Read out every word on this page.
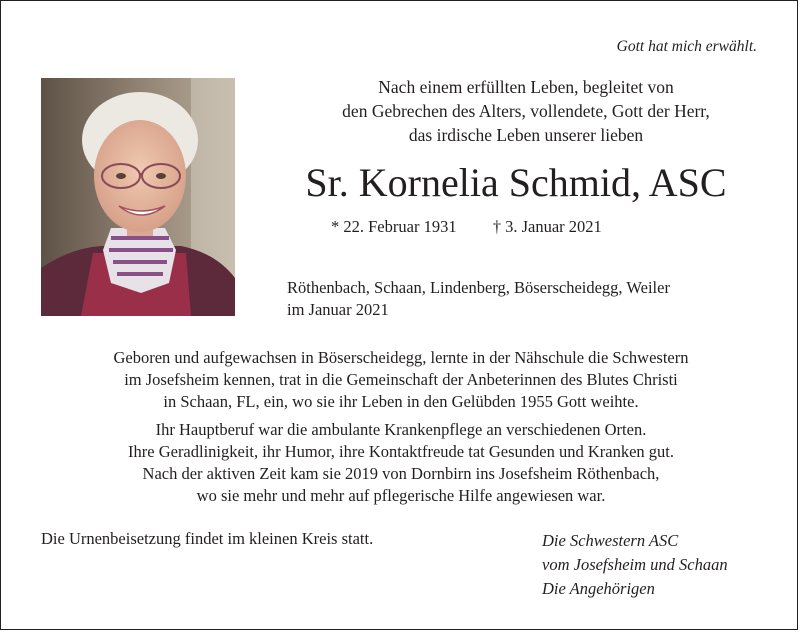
Gott hat mich erwählt.
Nach einem erfüllten Leben, begleitet von
den Gebrechen des Alters, vollendete, Gott der Herr,
das irdische Leben unserer lieben
Sr. Kornelia Schmid, ASC
* 22. Februar 1931 † 3. Januar 2021
Röthenbach, Schaan, Lindenberg, Böserscheidegg, Weiler
im Januar 2021

Geboren und aufgewachsen in Böserscheidegg, lernte in der Nähschule die Schwestern
im Josefsheim kennen, trat in die Gemeinschaft der Anbeterinnen des Blutes Christi
in Schaan, FL, ein, wo sie ihr Leben in den Gelübden 1955 Gott weihte.

Ihr Hauptberuf war die ambulante Krankenpflege an verschiedenen Orten.
Ihre Geradlinigkeit, ihr Humor, ihre Kontaktfreude tat Gesunden und Kranken gut.
Nach der aktiven Zeit kam sie 2019 von Dornbirn ins Josefsheim Röthenbach,
wo sie mehr und mehr auf pflegerische Hilfe angewiesen war.

Die Urnenbeisetzung findet im kleinen Kreis statt.	Die Schwestern ASC
vom Josefsheim und Schaan
Die Angehörigen
